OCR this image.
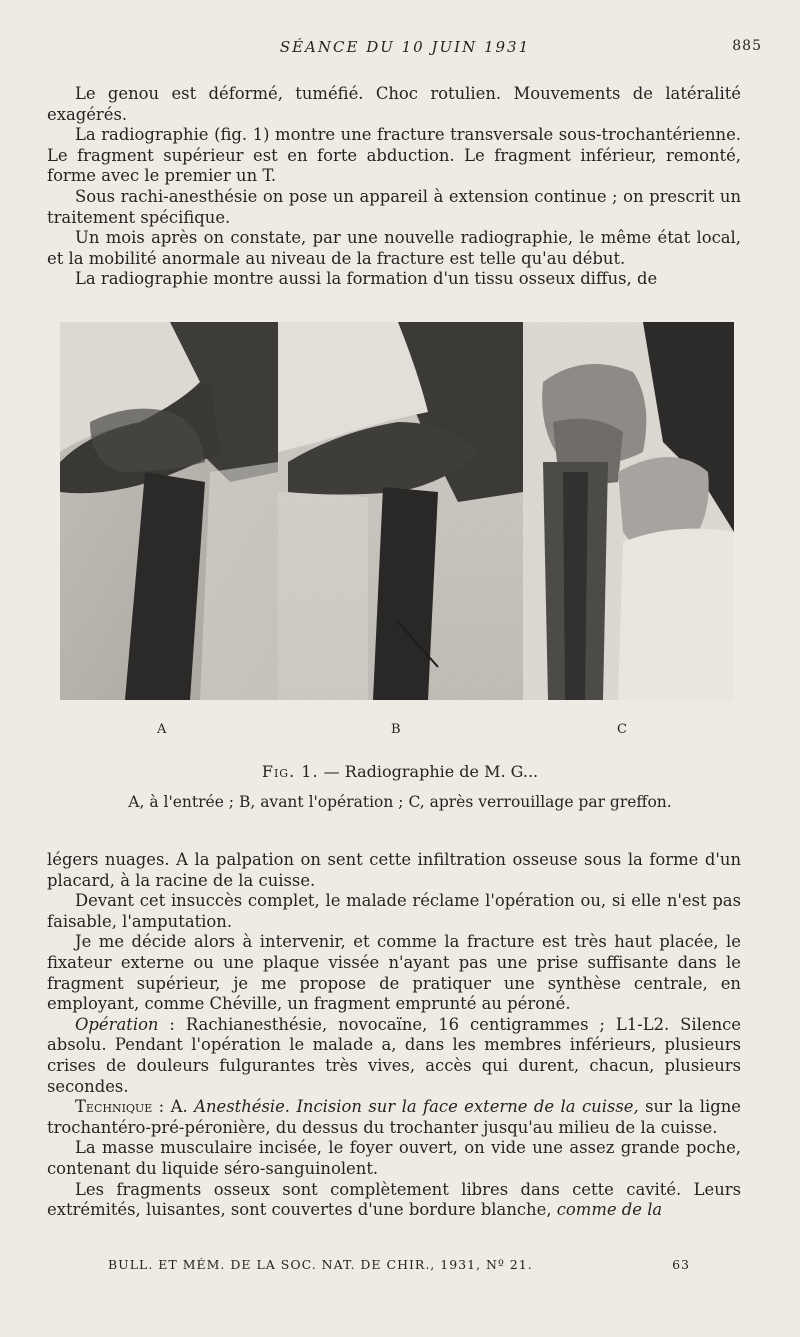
SÉANCE DU 10 JUIN 1931	885

Le genou est déformé, tuméfié. Choc rotulien. Mouvements de latéralité exagérés.

La radiographie (fig. 1) montre une fracture transversale sous-trochantérienne. Le fragment supérieur est en forte abduction. Le fragment inférieur, remonté, forme avec le premier un T.

Sous rachi-anesthésie on pose un appareil à extension continue ; on prescrit un traitement spécifique.

Un mois après on constate, par une nouvelle radiographie, le même état local, et la mobilité anormale au niveau de la fracture est telle qu'au début.

La radiographie montre aussi la formation d'un tissu osseux diffus, de

A	B	C
Fig. 1. — Radiographie de M. G...
A, à l'entrée ; B, avant l'opération ; C, après verrouillage par greffon.

légers nuages. A la palpation on sent cette infiltration osseuse sous la forme d'un placard, à la racine de la cuisse.

Devant cet insuccès complet, le malade réclame l'opération ou, si elle n'est pas faisable, l'amputation.

Je me décide alors à intervenir, et comme la fracture est très haut placée, le fixateur externe ou une plaque vissée n'ayant pas une prise suffisante dans le fragment supérieur, je me propose de pratiquer une synthèse centrale, en employant, comme Chéville, un fragment emprunté au péroné.

Opération : Rachianesthésie, novocaïne, 16 centigrammes ; L1-L2. Silence absolu. Pendant l'opération le malade a, dans les membres inférieurs, plusieurs crises de douleurs fulgurantes très vives, accès qui durent, chacun, plusieurs secondes.

Technique : A. Anesthésie. Incision sur la face externe de la cuisse, sur la ligne trochantéro-pré-péronière, du dessus du trochanter jusqu'au milieu de la cuisse.

La masse musculaire incisée, le foyer ouvert, on vide une assez grande poche, contenant du liquide séro-sanguinolent.

Les fragments osseux sont complètement libres dans cette cavité. Leurs extrémités, luisantes, sont couvertes d'une bordure blanche, comme de la

BULL. ET MÉM. DE LA SOC. NAT. DE CHIR., 1931, Nº 21.	63
